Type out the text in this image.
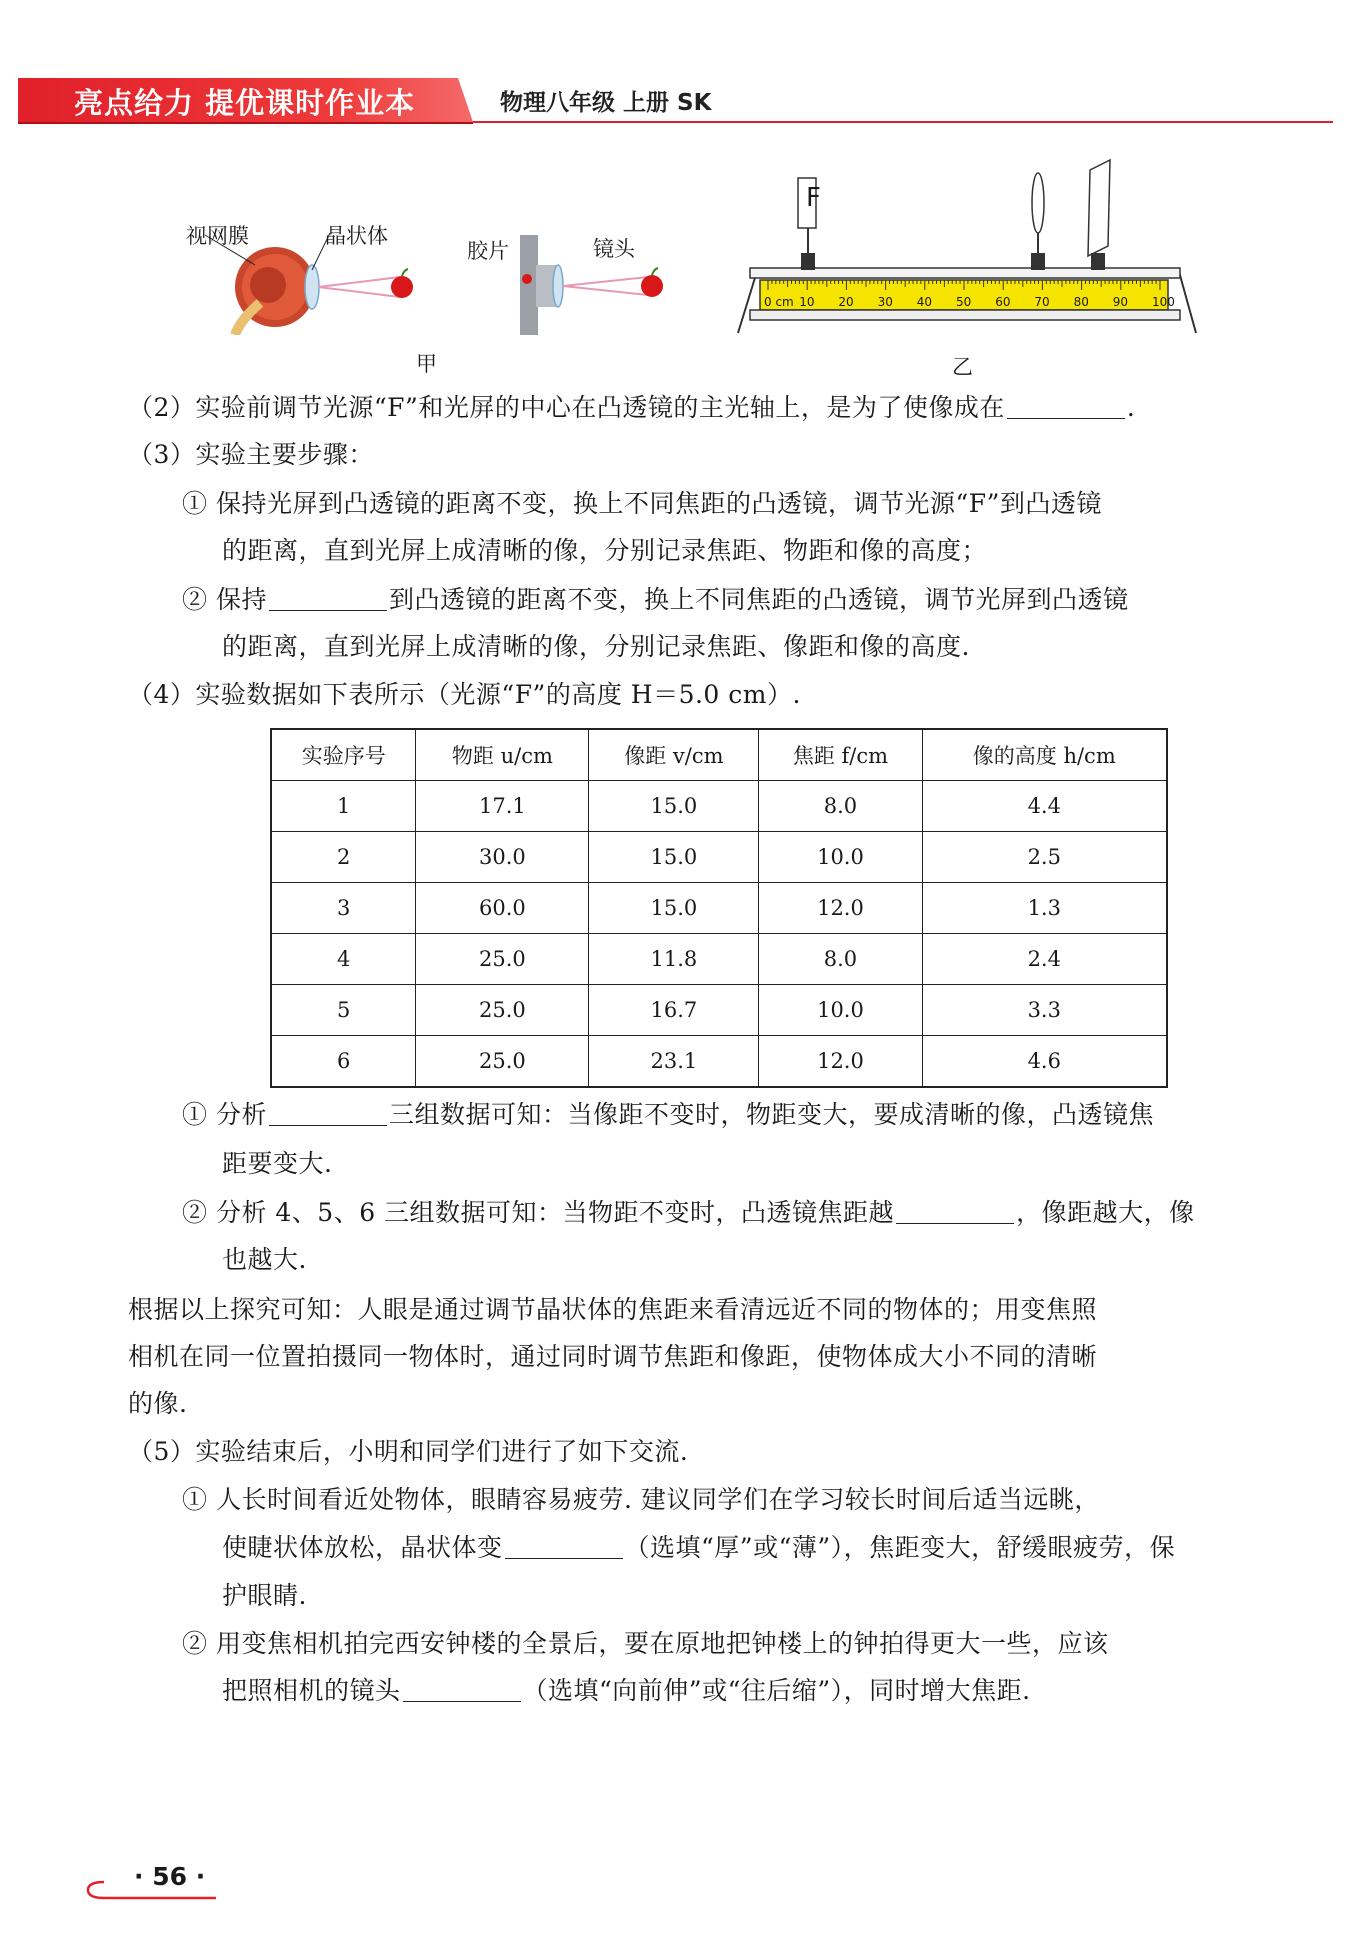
亮点给力 提优课时作业本	物理八年级 上册 SK
视网膜	晶状体
胶片	镜头
甲
F
0 cm 10 20 30 40 50 60 70 80 90 100
乙
（2）实验前调节光源“F”和光屏的中心在凸透镜的主光轴上，是为了使像成在	.
（3）实验主要步骤：
① 保持光屏到凸透镜的距离不变，换上不同焦距的凸透镜，调节光源“F”到凸透镜
的距离，直到光屏上成清晰的像，分别记录焦距、物距和像的高度；
② 保持	到凸透镜的距离不变，换上不同焦距的凸透镜，调节光屏到凸透镜
的距离，直到光屏上成清晰的像，分别记录焦距、像距和像的高度.
（4）实验数据如下表所示（光源“F”的高度 H＝5.0 cm）.
实验序号	物距 u/cm	像距 v/cm	焦距 f/cm	像的高度 h/cm
1	17.1	15.0	8.0	4.4
2	30.0	15.0	10.0	2.5
3	60.0	15.0	12.0	1.3
4	25.0	11.8	8.0	2.4
5	25.0	16.7	10.0	3.3
6	25.0	23.1	12.0	4.6
① 分析	三组数据可知：当像距不变时，物距变大，要成清晰的像，凸透镜焦
距要变大.
② 分析 4、5、6 三组数据可知：当物距不变时，凸透镜焦距越	，像距越大，像
也越大.
根据以上探究可知：人眼是通过调节晶状体的焦距来看清远近不同的物体的；用变焦照
相机在同一位置拍摄同一物体时，通过同时调节焦距和像距，使物体成大小不同的清晰
的像.
（5）实验结束后，小明和同学们进行了如下交流.
① 人长时间看近处物体，眼睛容易疲劳. 建议同学们在学习较长时间后适当远眺，
使睫状体放松，晶状体变	（选填“厚”或“薄”），焦距变大，舒缓眼疲劳，保
护眼睛.
② 用变焦相机拍完西安钟楼的全景后，要在原地把钟楼上的钟拍得更大一些，应该
把照相机的镜头	（选填“向前伸”或“往后缩”），同时增大焦距.
· 56 ·
